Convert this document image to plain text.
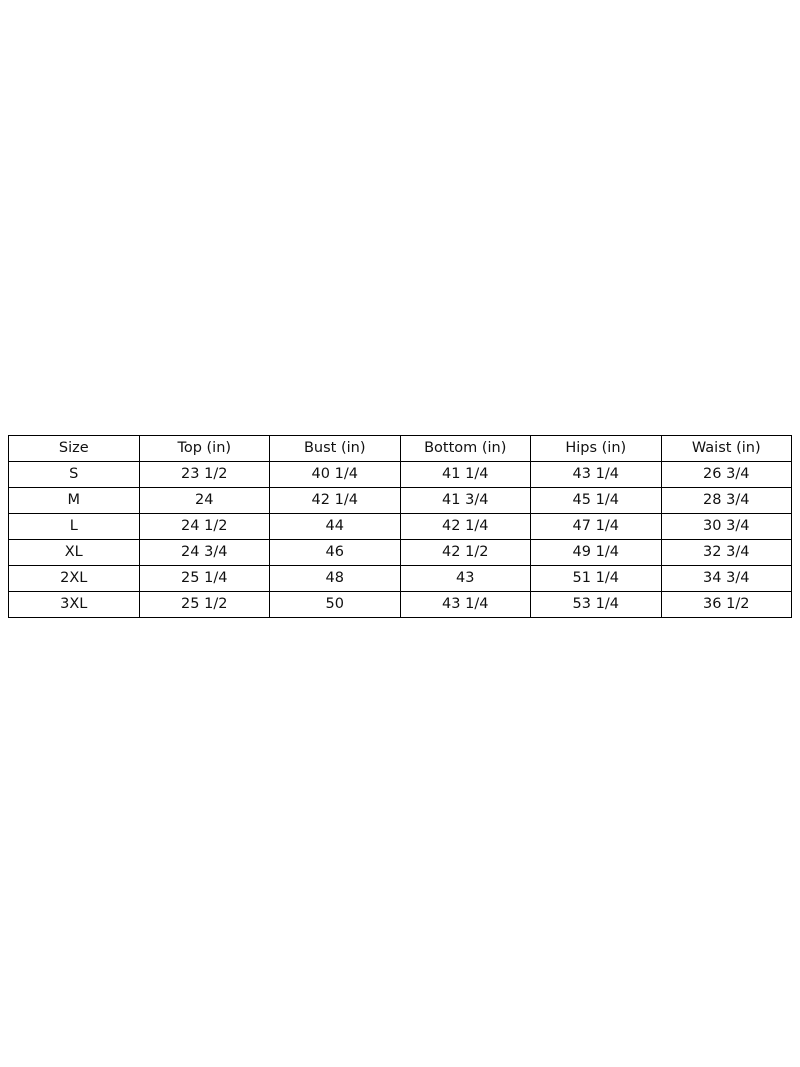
Size	Top (in)	Bust (in)	Bottom (in)	Hips (in)	Waist (in)
S	23 1/2	40 1/4	41 1/4	43 1/4	26 3/4
M	24	42 1/4	41 3/4	45 1/4	28 3/4
L	24 1/2	44	42 1/4	47 1/4	30 3/4
XL	24 3/4	46	42 1/2	49 1/4	32 3/4
2XL	25 1/4	48	43	51 1/4	34 3/4
3XL	25 1/2	50	43 1/4	53 1/4	36 1/2
